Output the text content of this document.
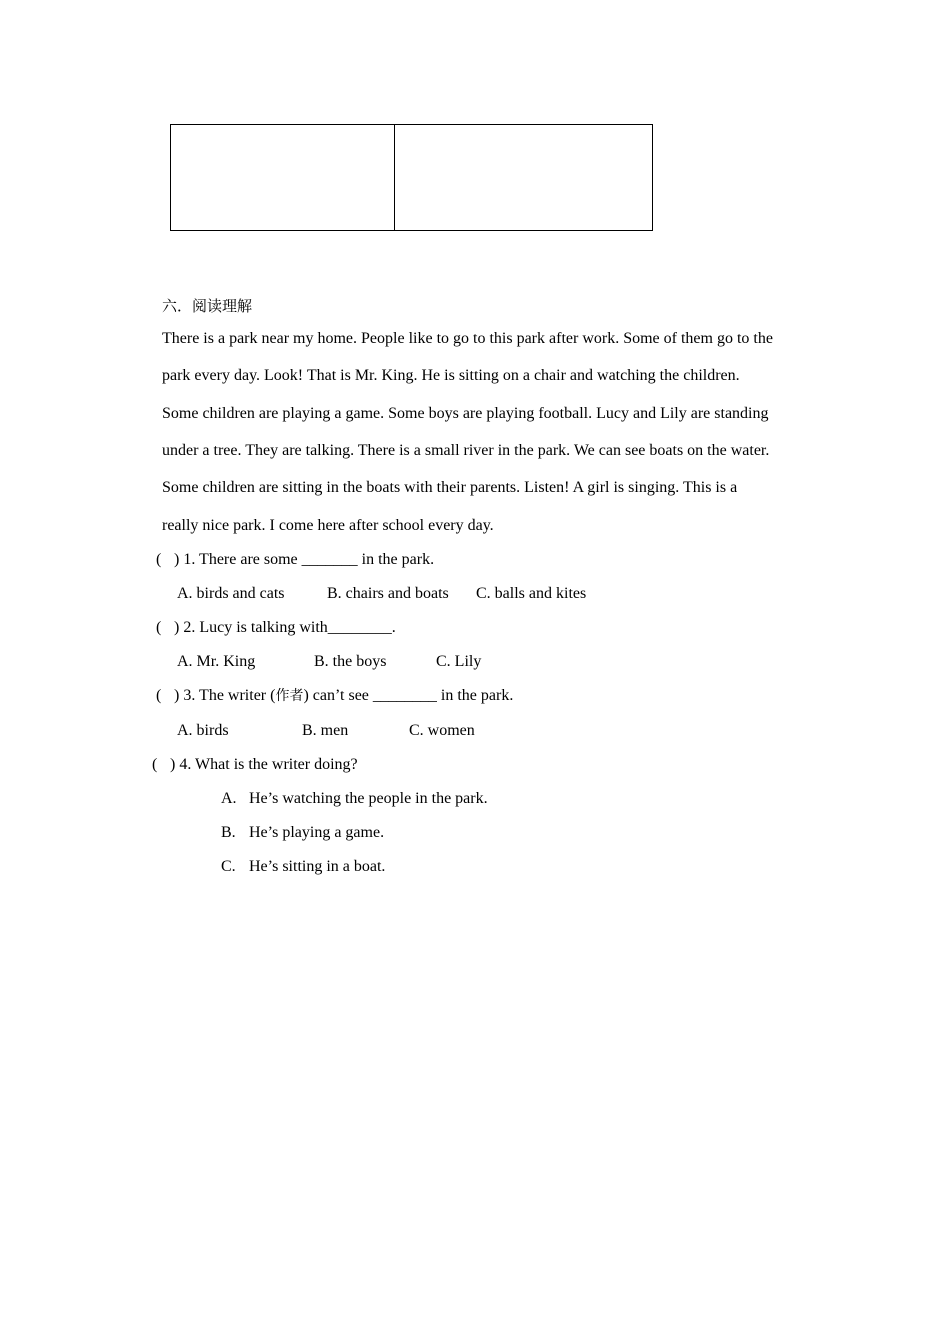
六．阅读理解
There is a park near my home. People like to go to this park after work. Some of them go to the
park every day. Look! That is Mr. King. He is sitting on a chair and watching the children.
Some children are playing a game. Some boys are playing football. Lucy and Lily are standing
under a tree. They are talking. There is a small river in the park. We can see boats on the water.
Some children are sitting in the boats with their parents. Listen! A girl is singing. This is a
really nice park. I come here after school every day.
( ) 1. There are some _______ in the park.
A. birds and cats	B. chairs and boats C. balls and kites
( ) 2. Lucy is talking with________.
A. Mr. King	B. the boys	C. Lily
( ) 3. The writer (作者) can’t see ________ in the park.
A. birds	B. men	C. women
( ) 4. What is the writer doing?
A. He’s watching the people in the park.
B. He’s playing a game.
C. He’s sitting in a boat.
